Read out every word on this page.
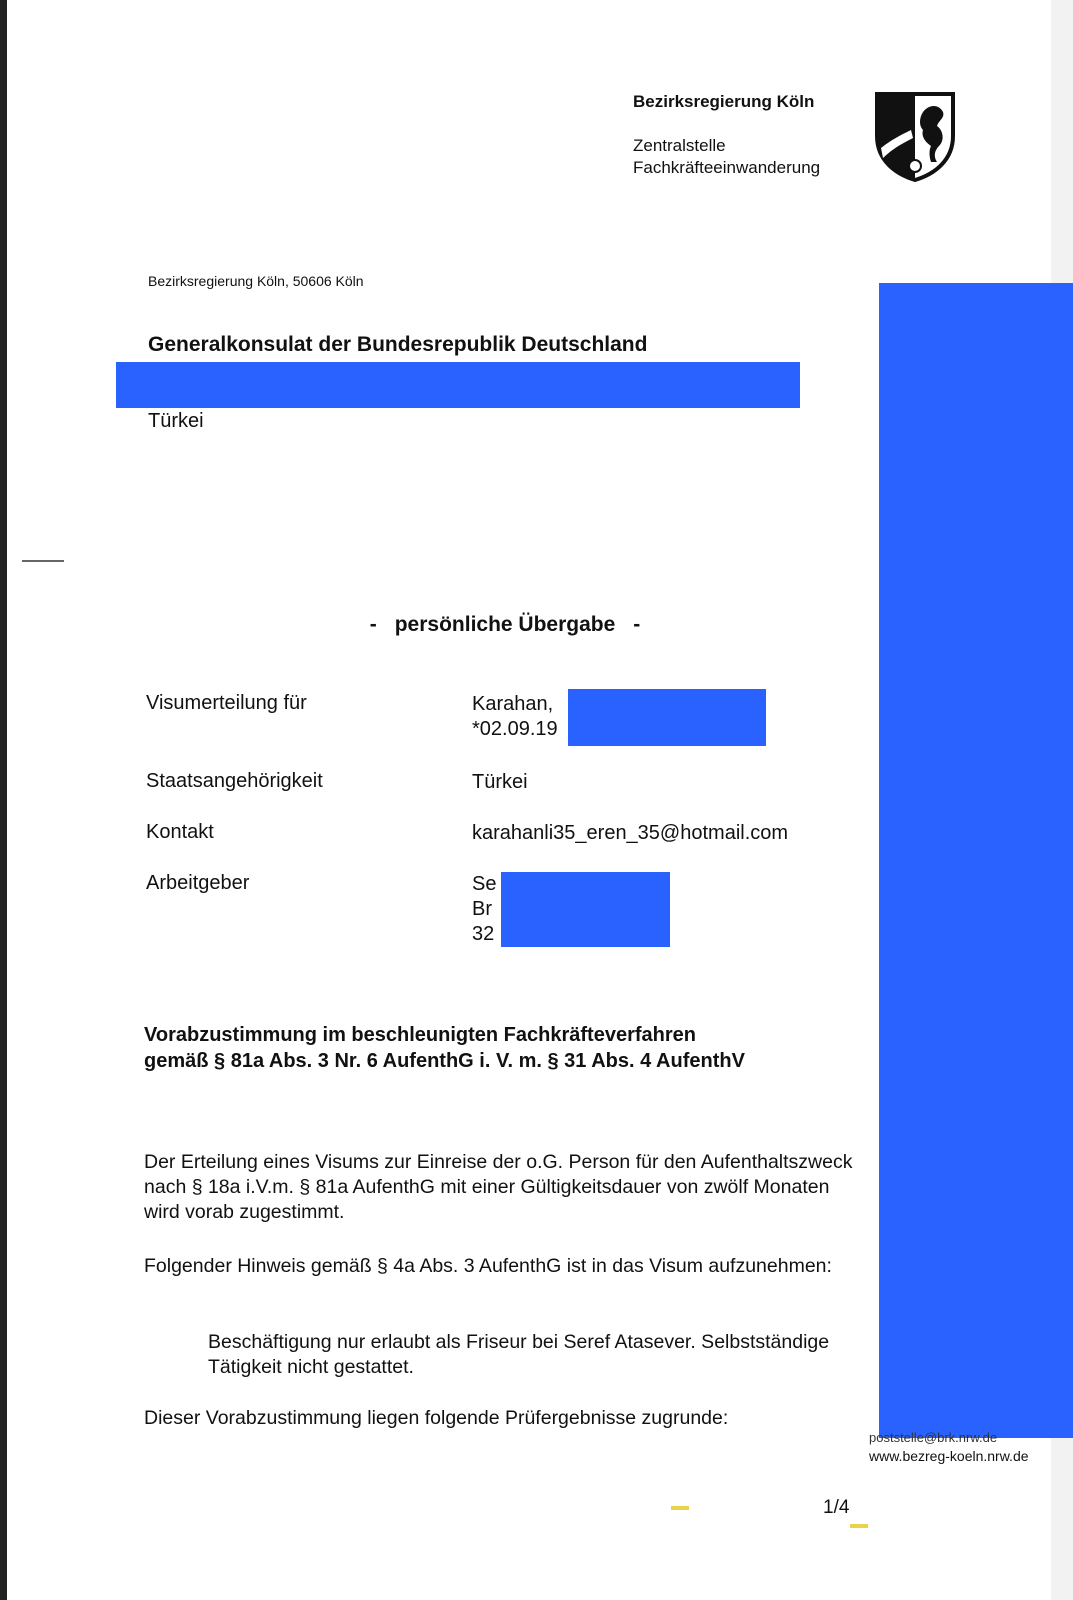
Bezirksregierung Köln
Zentralstelle
Fachkräfteeinwanderung
Bezirksregierung Köln, 50606 Köln
Generalkonsulat der Bundesrepublik Deutschland
Türkei
poststelle@brk.nrw.de
www.bezreg-koeln.nrw.de
- persönliche Übergabe -
Visumerteilung für	Karahan,
*02.09.19
Staatsangehörigkeit	Türkei
Kontakt	karahanli35_eren_35@hotmail.com
Arbeitgeber	Se
Br
32
Vorabzustimmung im beschleunigten Fachkräfteverfahren
gemäß § 81a Abs. 3 Nr. 6 AufenthG i. V. m. § 31 Abs. 4 AufenthV
Der Erteilung eines Visums zur Einreise der o.G. Person für den Aufenthaltszweck nach § 18a i.V.m. § 81a AufenthG mit einer Gültigkeitsdauer von zwölf Monaten wird vorab zugestimmt.
Folgender Hinweis gemäß § 4a Abs. 3 AufenthG ist in das Visum aufzunehmen:
Beschäftigung nur erlaubt als Friseur bei Seref Atasever. Selbstständige Tätigkeit nicht gestattet.
Dieser Vorabzustimmung liegen folgende Prüfergebnisse zugrunde:
1/4
